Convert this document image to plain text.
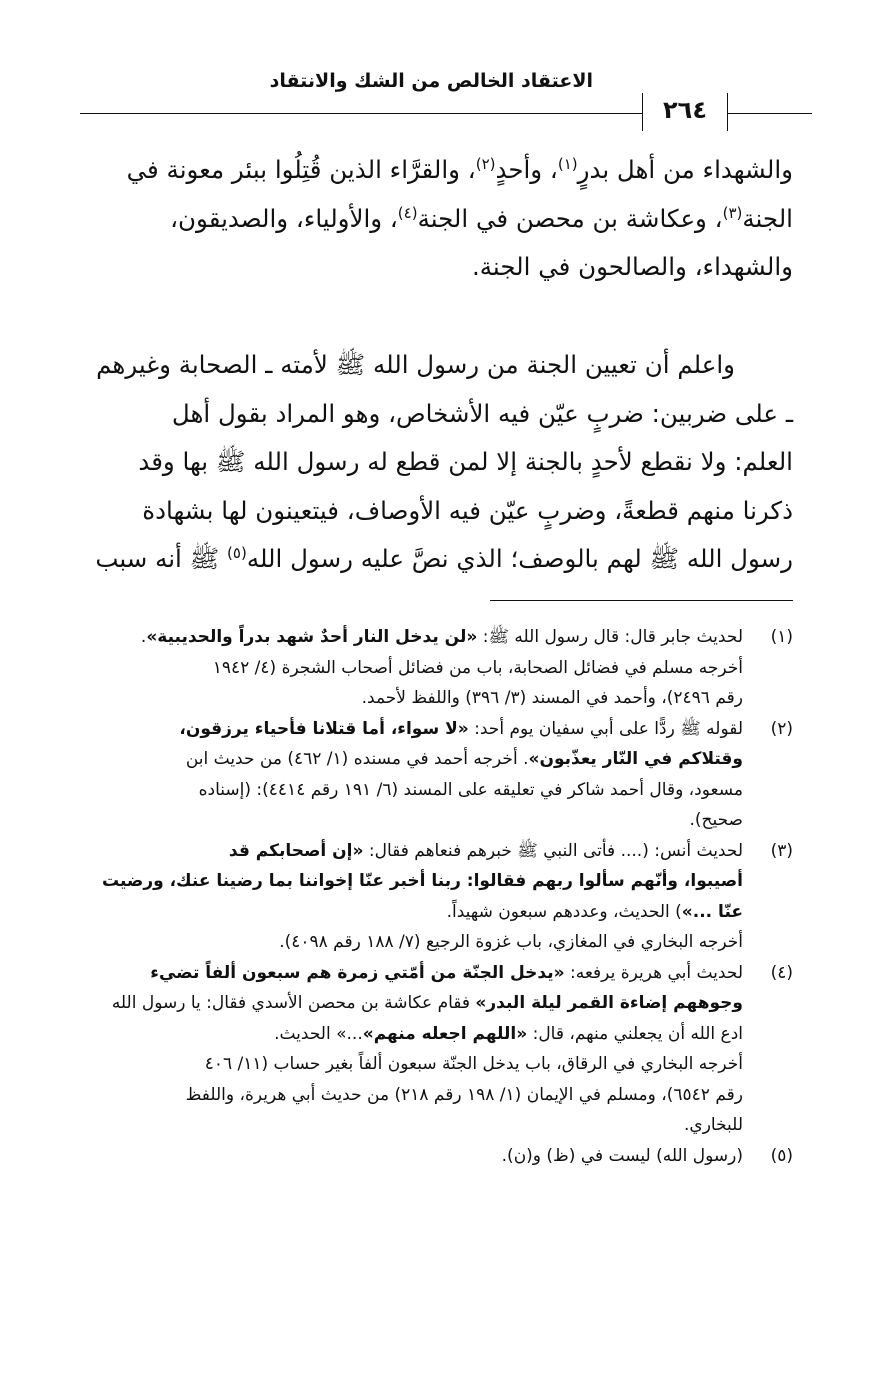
الاعتقاد الخالص من الشك والانتقاد
٢٦٤
والشهداء من أهل بدرٍ$^{(١)}$، وأحدٍ$^{(٢)}$، والقرَّاء الذين قُتِلُوا ببئر معونة في
الجنة$^{(٣)}$، وعكاشة بن محصن في الجنة$^{(٤)}$، والأولياء، والصديقون،
والشهداء، والصالحون في الجنة.
واعلم أن تعيين الجنة من رسول الله ﷺ لأمته ـ الصحابة وغيرهم
ـ على ضربين: ضربٍ عيّن فيه الأشخاص، وهو المراد بقول أهل
العلم: ولا نقطع لأحدٍ بالجنة إلا لمن قطع له رسول الله ﷺ بها وقد
ذكرنا منهم قطعةً، وضربٍ عيّن فيه الأوصاف، فيتعينون لها بشهادة
رسول الله ﷺ لهم بالوصف؛ الذي نصَّ عليه رسول الله$^{(٥)}$ ﷺ أنه سبب
(١)
لحديث جابر قال: قال رسول الله ﷺ: «لن يدخل النار أحدٌ شهد بدراً والحديبية».
أخرجه مسلم في فضائل الصحابة، باب من فضائل أصحاب الشجرة (٤/ ١٩٤٢
رقم ٢٤٩٦)، وأحمد في المسند (٣/ ٣٩٦) واللفظ لأحمد.
(٢)
لقوله ﷺ ردًّا على أبي سفيان يوم أحد: «لا سواء، أما قتلانا فأحياء يرزقون،
وقتلاكم في النّار يعذّبون». أخرجه أحمد في مسنده (١/ ٤٦٢) من حديث ابن
مسعود، وقال أحمد شاكر في تعليقه على المسند (٦/ ١٩١ رقم ٤٤١٤): (إسناده
صحيح).
(٣)
لحديث أنس: (.... فأتى النبي ﷺ خبرهم فنعاهم فقال: «إن أصحابكم قد
أصيبوا، وأنّهم سألوا ربهم فقالوا: ربنا أخبر عنّا إخواننا بما رضينا عنك، ورضيت
عنّا ...») الحديث، وعددهم سبعون شهيداً.
أخرجه البخاري في المغازي، باب غزوة الرجيع (٧/ ١٨٨ رقم ٤٠٩٨).
(٤)
لحديث أبي هريرة يرفعه: «يدخل الجنّة من أمّتي زمرة هم سبعون ألفاً تضيء
وجوههم إضاءة القمر ليلة البدر» فقام عكاشة بن محصن الأسدي فقال: يا رسول الله
ادع الله أن يجعلني منهم، قال: «اللهم اجعله منهم»...» الحديث.
أخرجه البخاري في الرقاق، باب يدخل الجنّة سبعون ألفاً بغير حساب (١١/ ٤٠٦
رقم ٦٥٤٢)، ومسلم في الإيمان (١/ ١٩٨ رقم ٢١٨) من حديث أبي هريرة، واللفظ
للبخاري.
(٥)
(رسول الله) ليست في (ظ) و(ن).
